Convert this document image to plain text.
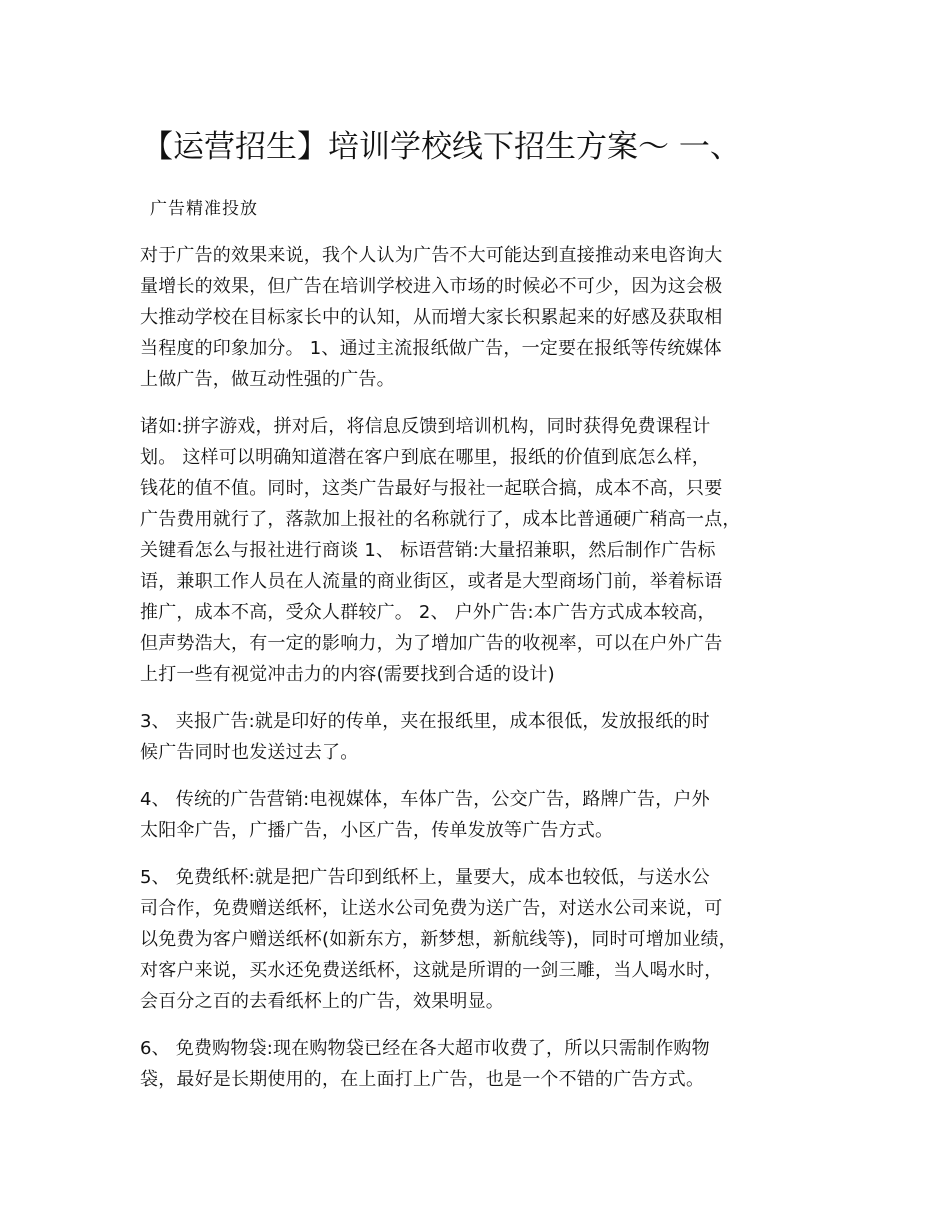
【运营招生】培训学校线下招生方案～ 一、

广告精准投放

对于广告的效果来说，我个人认为广告不大可能达到直接推动来电咨询大
量增长的效果，但广告在培训学校进入市场的时候必不可少，因为这会极
大推动学校在目标家长中的认知，从而增大家长积累起来的好感及获取相
当程度的印象加分。 1、通过主流报纸做广告，一定要在报纸等传统媒体
上做广告，做互动性强的广告。

诸如:拼字游戏，拼对后，将信息反馈到培训机构，同时获得免费课程计
划。 这样可以明确知道潜在客户到底在哪里，报纸的价值到底怎么样，
钱花的值不值。同时，这类广告最好与报社一起联合搞，成本不高，只要
广告费用就行了，落款加上报社的名称就行了，成本比普通硬广稍高一点，
关键看怎么与报社进行商谈 1、 标语营销:大量招兼职，然后制作广告标
语，兼职工作人员在人流量的商业街区，或者是大型商场门前，举着标语
推广，成本不高，受众人群较广。 2、 户外广告:本广告方式成本较高，
但声势浩大，有一定的影响力，为了增加广告的收视率，可以在户外广告
上打一些有视觉冲击力的内容(需要找到合适的设计)

3、 夹报广告:就是印好的传单，夹在报纸里，成本很低，发放报纸的时
候广告同时也发送过去了。

4、 传统的广告营销:电视媒体，车体广告，公交广告，路牌广告，户外
太阳伞广告，广播广告，小区广告，传单发放等广告方式。

5、 免费纸杯:就是把广告印到纸杯上，量要大，成本也较低，与送水公
司合作，免费赠送纸杯，让送水公司免费为送广告，对送水公司来说，可
以免费为客户赠送纸杯(如新东方，新梦想，新航线等)，同时可增加业绩，
对客户来说，买水还免费送纸杯，这就是所谓的一剑三雕，当人喝水时，
会百分之百的去看纸杯上的广告，效果明显。

6、 免费购物袋:现在购物袋已经在各大超市收费了，所以只需制作购物
袋，最好是长期使用的，在上面打上广告，也是一个不错的广告方式。
